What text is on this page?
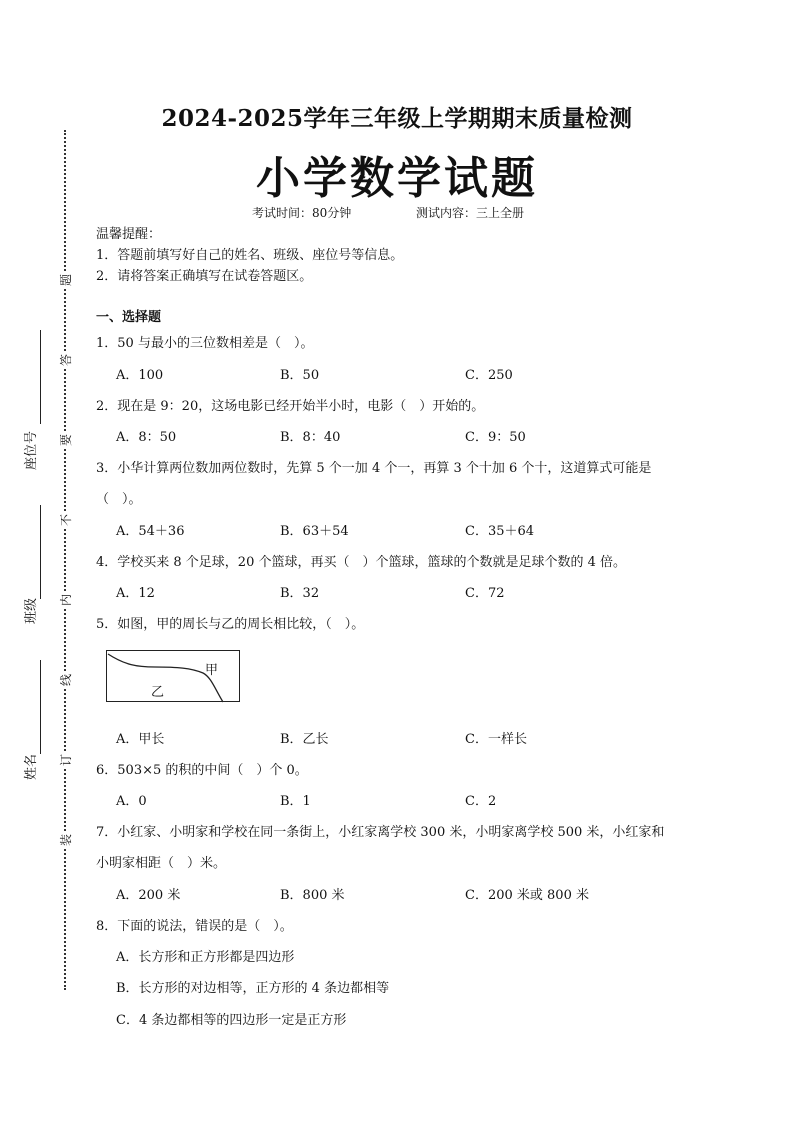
题
答
要
不
内
线
订
装
座位号
班级
姓名
2024-2025学年三年级上学期期末质量检测
小学数学试题
考试时间：80分钟	测试内容：三上全册
温馨提醒：
1．答题前填写好自己的姓名、班级、座位号等信息。
2．请将答案正确填写在试卷答题区。
一、选择题
1．50 与最小的三位数相差是（　）。
A．100	B．50	C．250
2．现在是 9：20，这场电影已经开始半小时，电影（　）开始的。
A．8：50	B．8：40	C．9：50
3．小华计算两位数加两位数时，先算 5 个一加 4 个一，再算 3 个十加 6 个十，这道算式可能是
（　）。
A．54＋36	B．63＋54	C．35＋64
4．学校买来 8 个足球，20 个篮球，再买（　）个篮球，篮球的个数就是足球个数的 4 倍。
A．12	B．32	C．72
5．如图，甲的周长与乙的周长相比较，（　）。
甲
乙
A．甲长	B．乙长	C．一样长
6．503×5 的积的中间（　）个 0。
A．0	B．1	C．2
7．小红家、小明家和学校在同一条街上，小红家离学校 300 米，小明家离学校 500 米，小红家和
小明家相距（　）米。
A．200 米	B．800 米	C．200 米或 800 米
8．下面的说法，错误的是（　）。
A．长方形和正方形都是四边形
B．长方形的对边相等，正方形的 4 条边都相等
C．4 条边都相等的四边形一定是正方形
